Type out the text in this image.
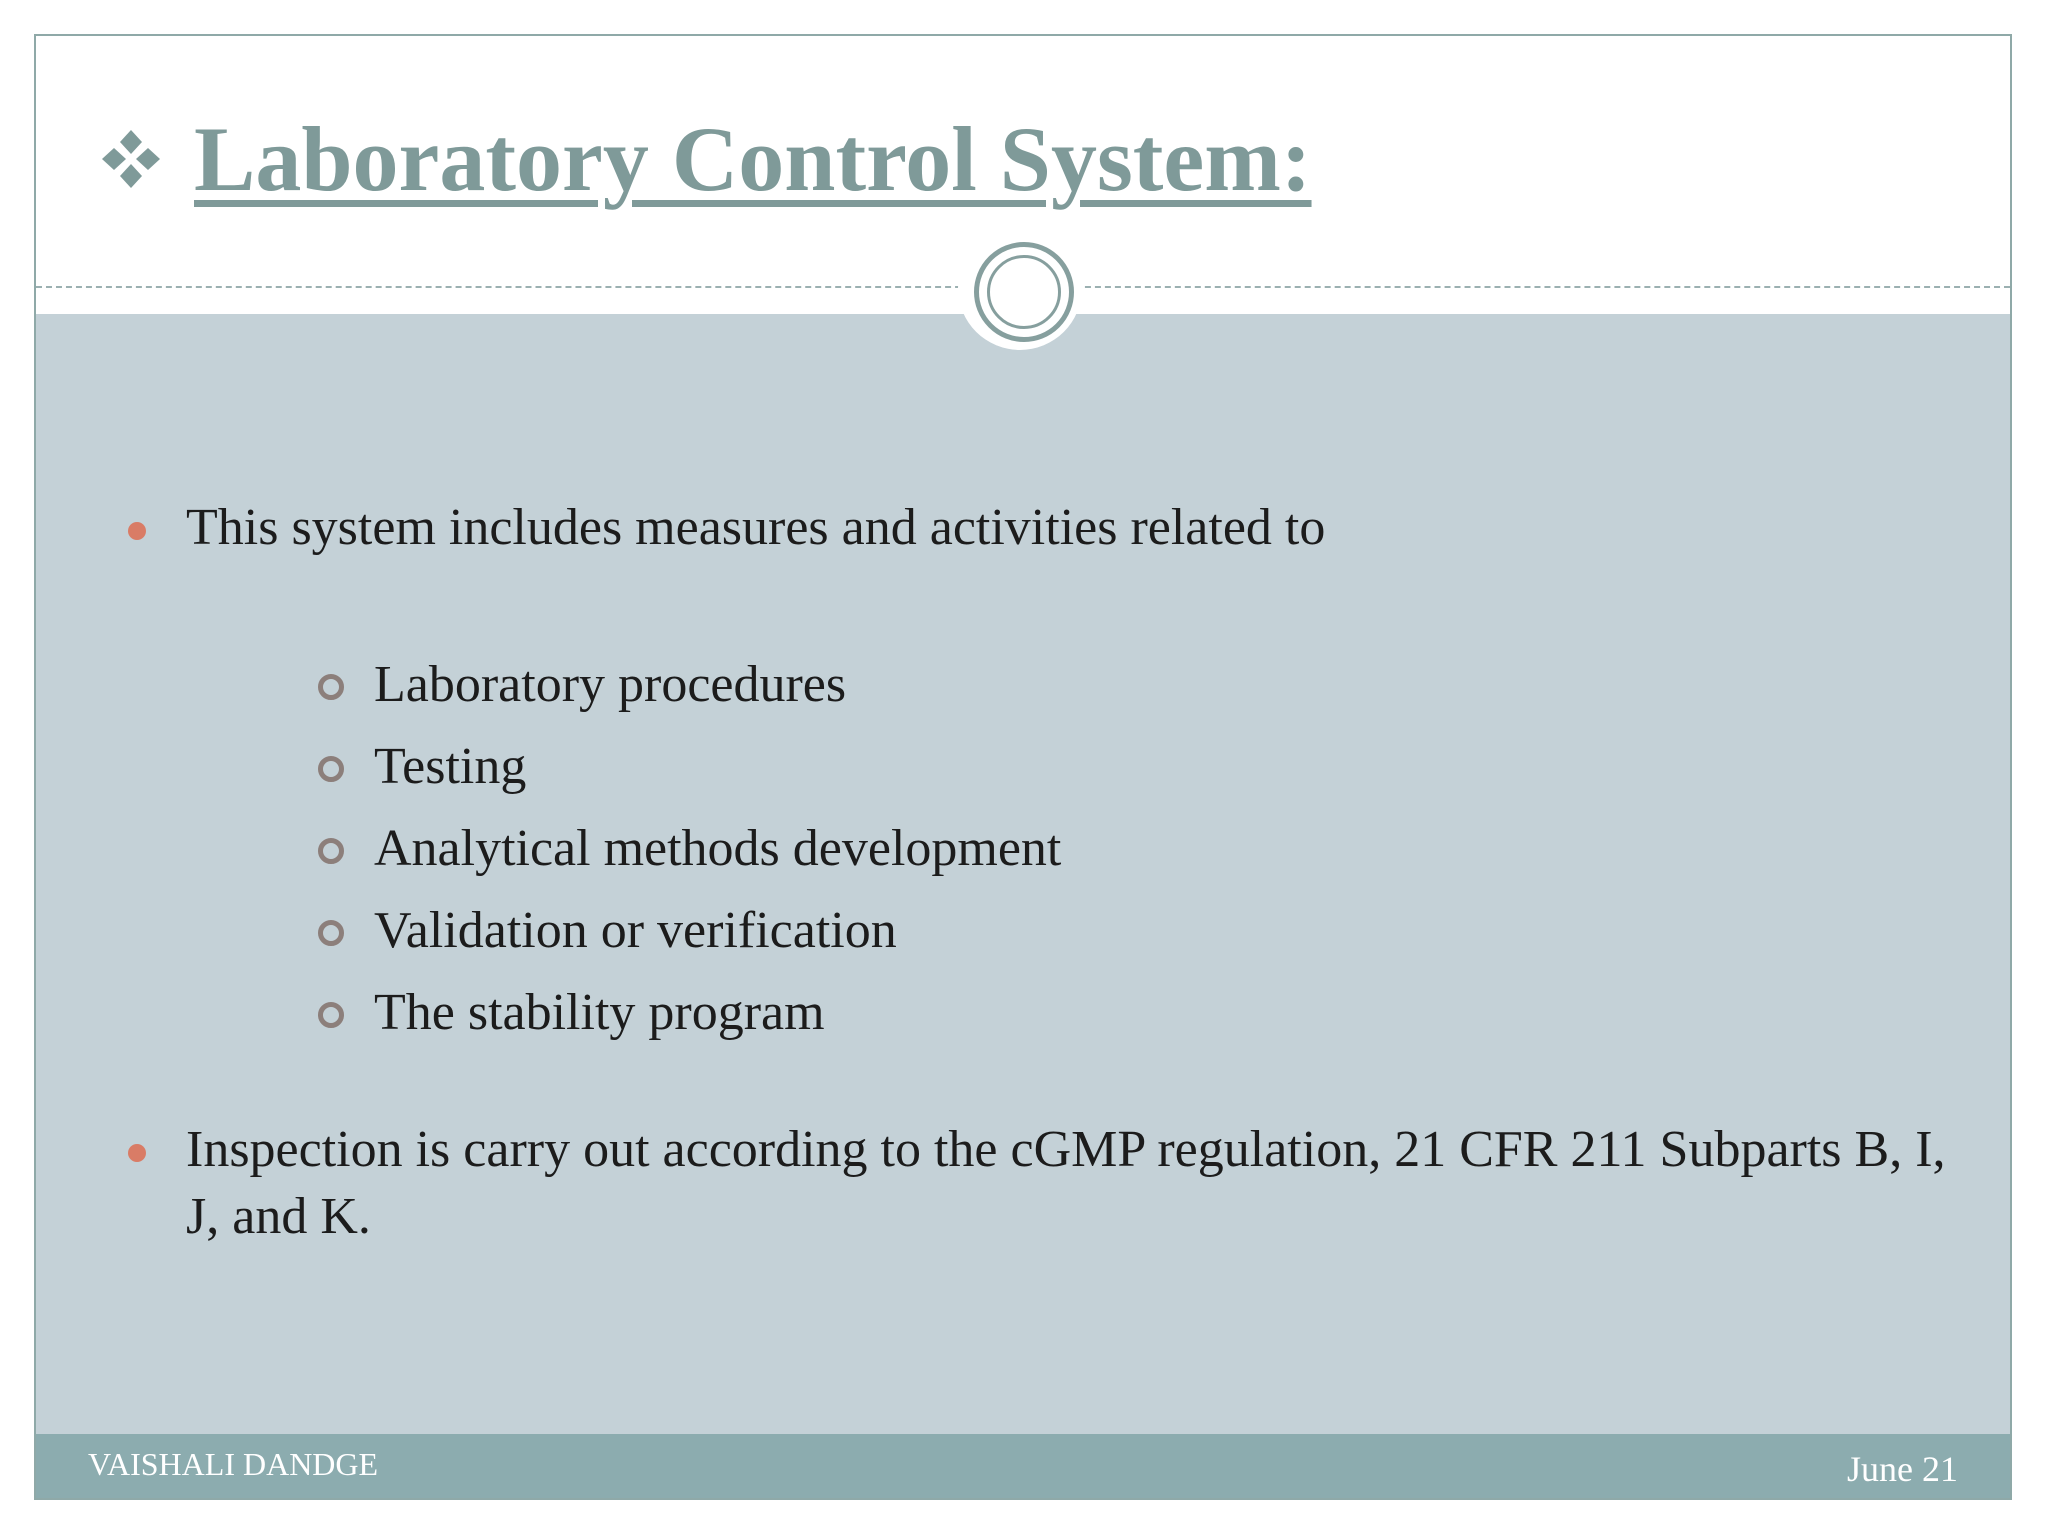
Laboratory Control System:
This system includes measures and activities related to
Laboratory procedures
Testing
Analytical methods development
Validation or verification
The stability program
Inspection is carry out according to the cGMP regulation, 21 CFR 211 Subparts B, I, J, and K.
VAISHALI DANDGE	June 21
